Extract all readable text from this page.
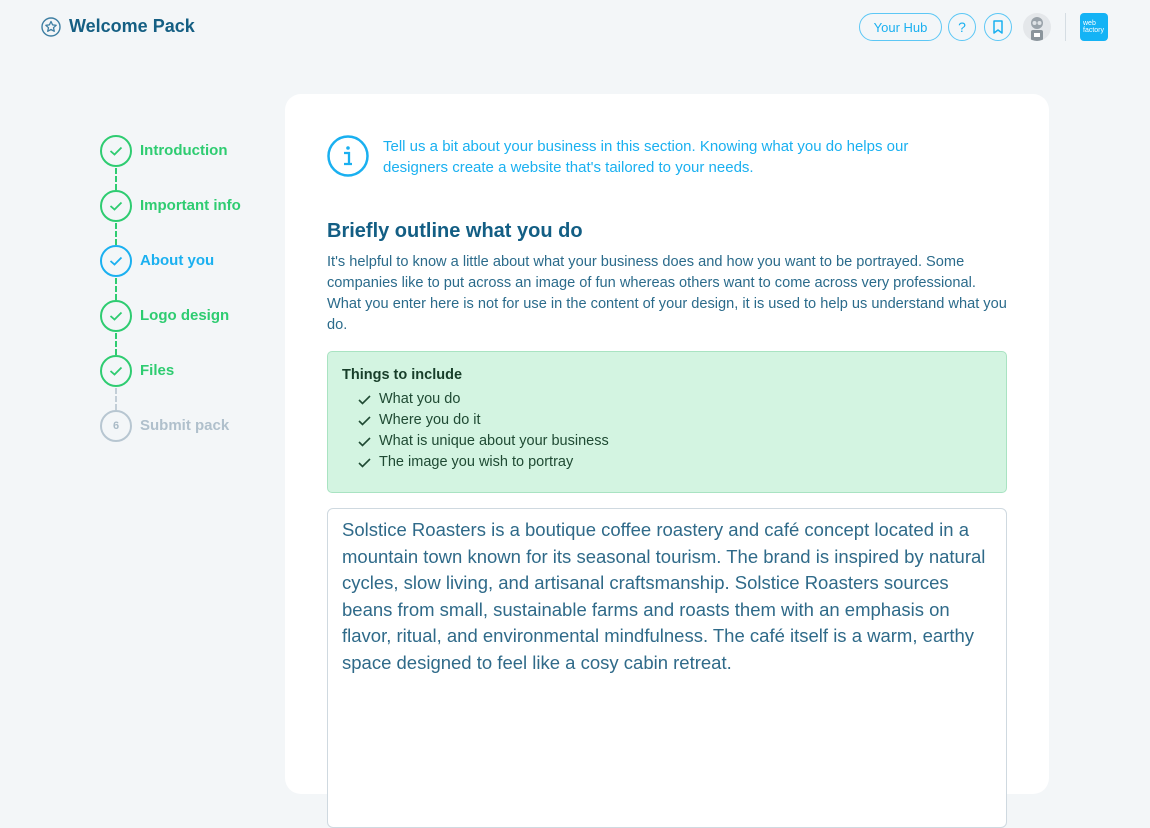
Welcome Pack	Your Hub	?	web
factory
Introduction
Important info
About you
Logo design
Files
6	Submit pack

Tell us a bit about your business in this section. Knowing what you do helps our designers create a website that's tailored to your needs.

Briefly outline what you do

It's helpful to know a little about what your business does and how you want to be portrayed. Some companies like to put across an image of fun whereas others want to come across very professional. What you enter here is not for use in the content of your design, it is used to help us understand what you do.

Things to include
What you do
Where you do it
What is unique about your business
The image you wish to portray
Solstice Roasters is a boutique coffee roastery and café concept located in a mountain town known for its seasonal tourism. The brand is inspired by natural cycles, slow living, and artisanal craftsmanship. Solstice Roasters sources beans from small, sustainable farms and roasts them with an emphasis on flavor, ritual, and environmental mindfulness. The café itself is a warm, earthy space designed to feel like a cosy cabin retreat.
